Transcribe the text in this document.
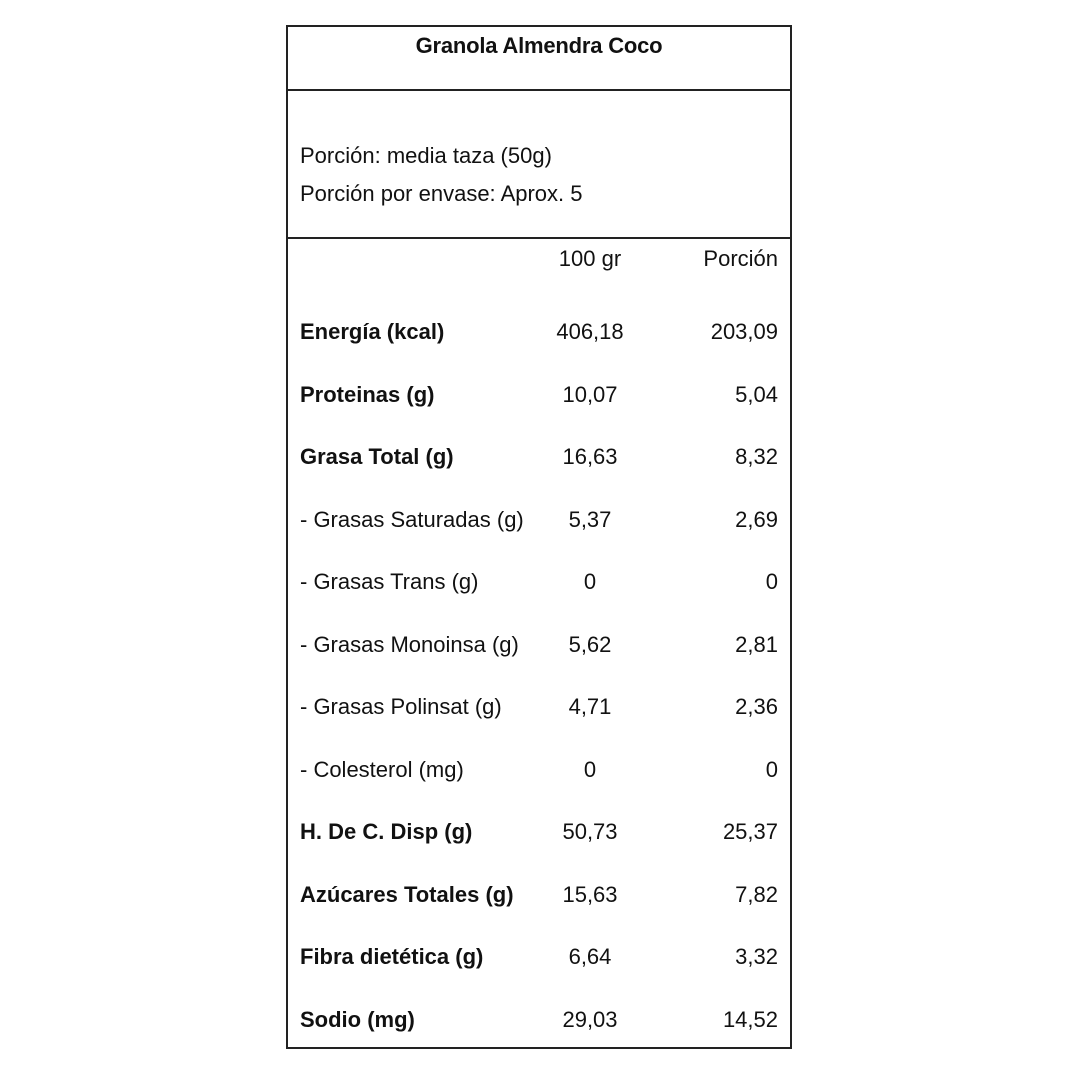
Granola Almendra Coco
Porción: media taza (50g)
Porción por envase: Aprox. 5
100 gr	Porción
Energía (kcal)	406,18	203,09
Proteinas (g)	10,07	5,04
Grasa Total (g)	16,63	8,32
- Grasas Saturadas (g) 5,37	2,69
- Grasas Trans (g)	0	0
- Grasas Monoinsa (g) 5,62	2,81
- Grasas Polinsat (g)	4,71	2,36
- Colesterol (mg)	0	0
H. De C. Disp (g)	50,73	25,37
Azúcares Totales (g) 15,63	7,82
Fibra dietética (g)	6,64	3,32
Sodio (mg)	29,03	14,52
